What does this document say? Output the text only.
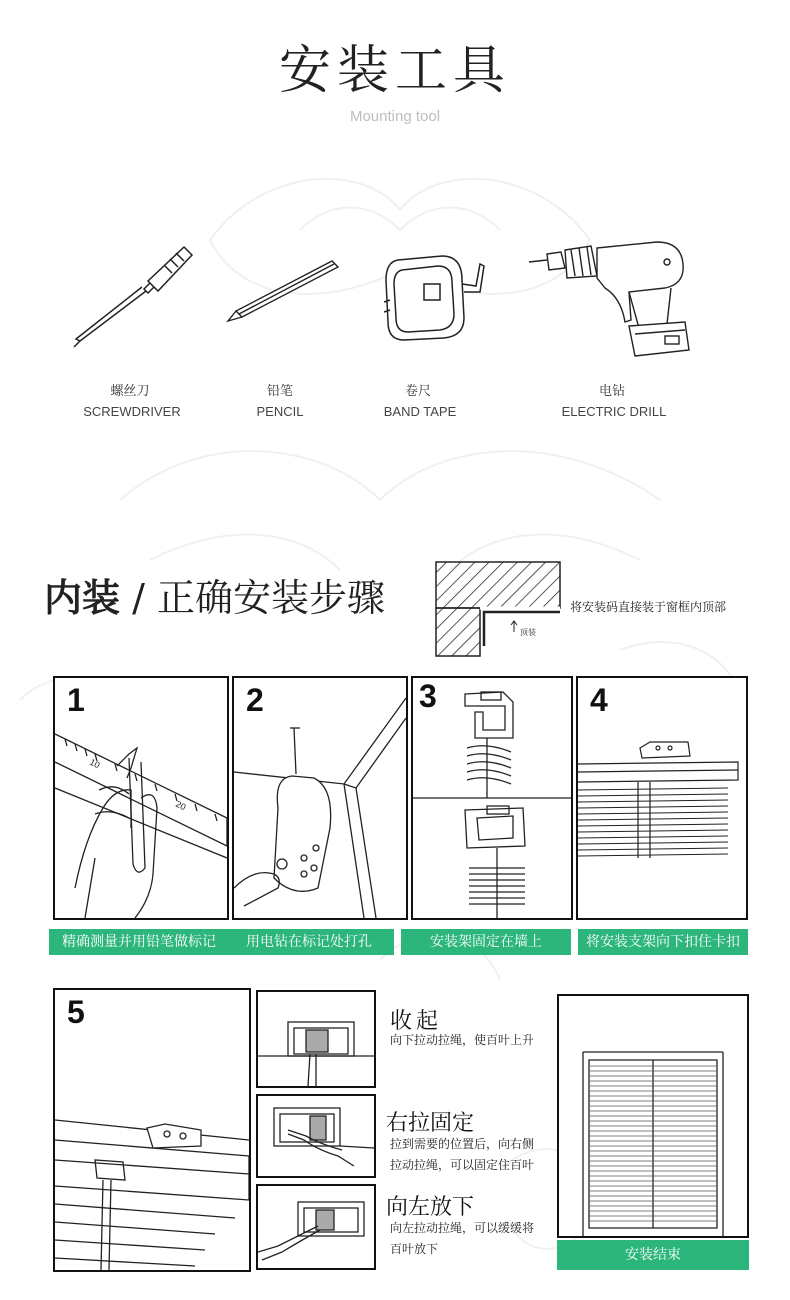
安装工具
Mounting tool
螺丝刀
SCREWDRIVER
铅笔
PENCIL
卷尺
BAND TAPE
电钻
ELECTRIC DRILL
内装 / 正确安装步骤	将安装码直接装于窗框内顶部
顶装
1
10
20
精确测量并用铅笔做标记
2
用电钻在标记处打孔
3
安装架固定在墙上
4
将安装支架向下扣住卡扣
5	收起
向下拉动拉绳，使百叶上升
右拉固定
拉到需要的位置后，向右侧
拉动拉绳，可以固定住百叶
向左放下
向左拉动拉绳，可以缓缓将
百叶放下	安装结束
